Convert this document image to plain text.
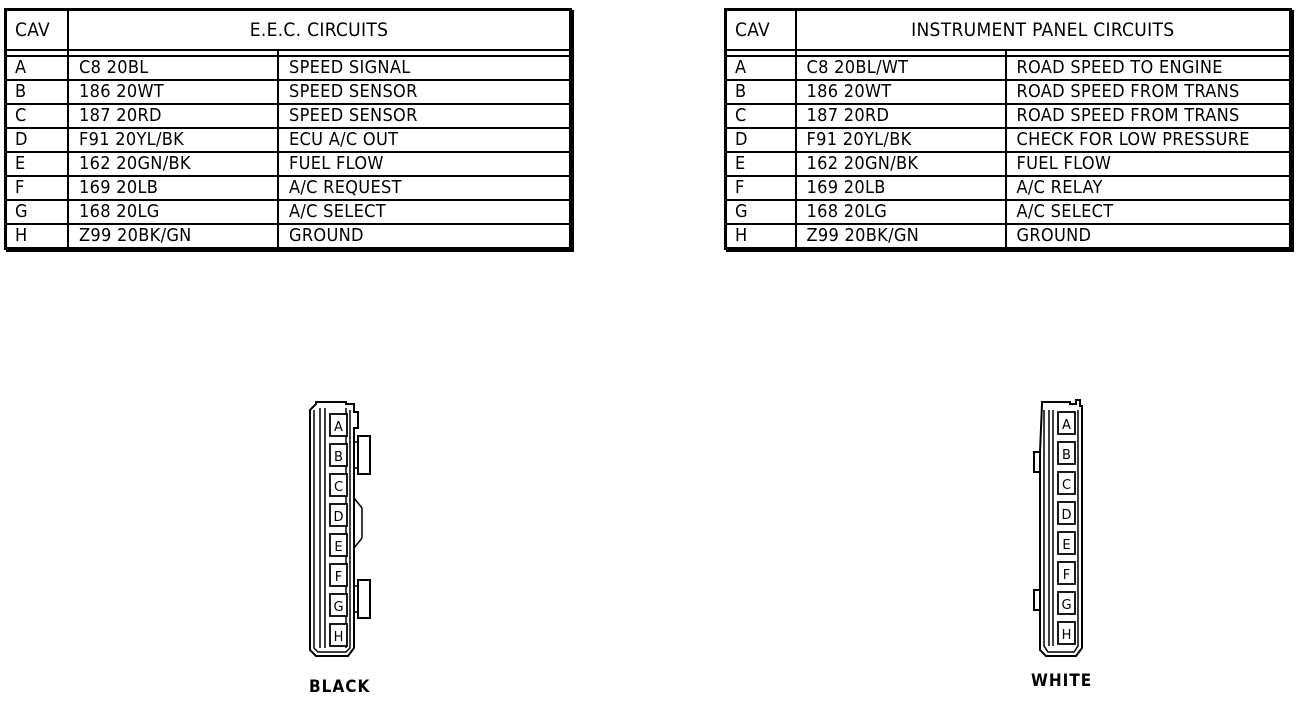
CAV	E.E.C. CIRCUITS	

A	C8 20BL	SPEED SIGNAL
B	186 20WT	SPEED SENSOR
C	187 20RD	SPEED SENSOR
D	F91 20YL/BK	ECU A/C OUT
E	162 20GN/BK	FUEL FLOW
F	169 20LB	A/C REQUEST
G	168 20LG	A/C SELECT
H	Z99 20BK/GN	GROUND
CAV	INSTRUMENT PANEL CIRCUITS	

A	C8 20BL/WT	ROAD SPEED TO ENGINE
B	186 20WT	ROAD SPEED FROM TRANS
C	187 20RD	ROAD SPEED FROM TRANS
D	F91 20YL/BK	CHECK FOR LOW PRESSURE
E	162 20GN/BK	FUEL FLOW
F	169 20LB	A/C RELAY
G	168 20LG	A/C SELECT
H	Z99 20BK/GN	GROUND
A
B
C
D
E
F
G
H
BLACK
A
B
C
D
E
F
G
H
WHITE
